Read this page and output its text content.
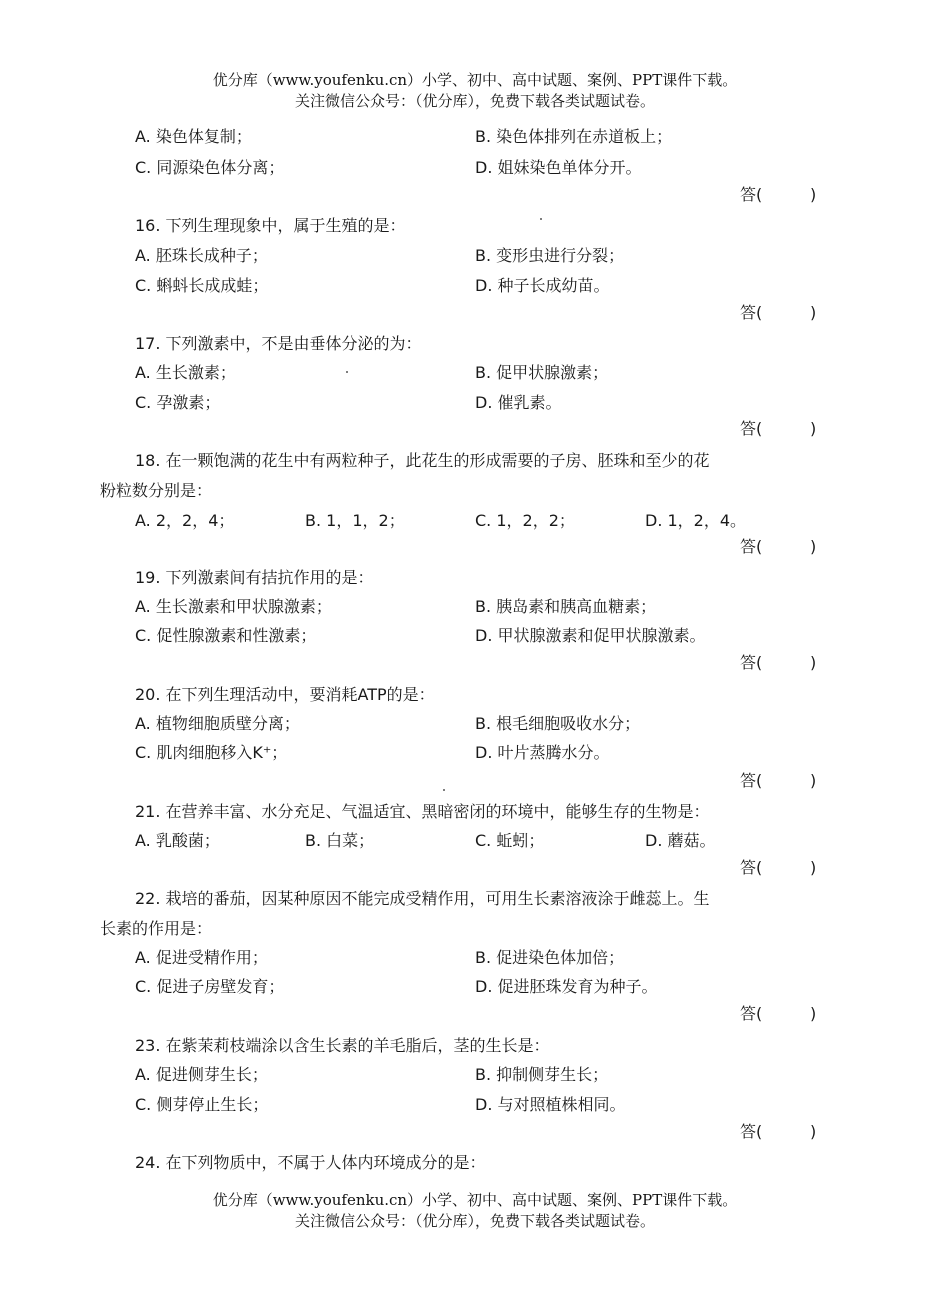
优分库（www.youfenku.cn）小学、初中、高中试题、案例、PPT课件下载。
关注微信公众号：（优分库），免费下载各类试题试卷。
A. 染色体复制；	B. 染色体排列在赤道板上；
C. 同源染色体分离；	D. 姐妹染色单体分开。
答(	)
16. 下列生理现象中，属于生殖的是：
A. 胚珠长成种子；	B. 变形虫进行分裂；
C. 蝌蚪长成成蛙；	D. 种子长成幼苗。
答(	)
17. 下列激素中，不是由垂体分泌的为：
A. 生长激素；	B. 促甲状腺激素；
C. 孕激素；	D. 催乳素。
答(	)
18. 在一颗饱满的花生中有两粒种子，此花生的形成需要的子房、胚珠和至少的花
粉粒数分别是：
A. 2，2，4；	B. 1，1，2；	C. 1，2，2；	D. 1，2，4。
答(	)
19. 下列激素间有拮抗作用的是：
A. 生长激素和甲状腺激素；	B. 胰岛素和胰高血糖素；
C. 促性腺激素和性激素；	D. 甲状腺激素和促甲状腺激素。
答(	)
20. 在下列生理活动中，要消耗ATP的是：
A. 植物细胞质壁分离；	B. 根毛细胞吸收水分；
C. 肌肉细胞移入K⁺；	D. 叶片蒸腾水分。
答(	)
21. 在营养丰富、水分充足、气温适宜、黑暗密闭的环境中，能够生存的生物是：
A. 乳酸菌；	B. 白菜；	C. 蚯蚓；	D. 蘑菇。
答(	)
22. 栽培的番茄，因某种原因不能完成受精作用，可用生长素溶液涂于雌蕊上。生
长素的作用是：
A. 促进受精作用；	B. 促进染色体加倍；
C. 促进子房壁发育；	D. 促进胚珠发育为种子。
答(	)
23. 在紫茉莉枝端涂以含生长素的羊毛脂后，茎的生长是：
A. 促进侧芽生长；	B. 抑制侧芽生长；
C. 侧芽停止生长；	D. 与对照植株相同。
答(	)
24. 在下列物质中，不属于人体内环境成分的是：
优分库（www.youfenku.cn）小学、初中、高中试题、案例、PPT课件下载。
关注微信公众号：（优分库），免费下载各类试题试卷。
